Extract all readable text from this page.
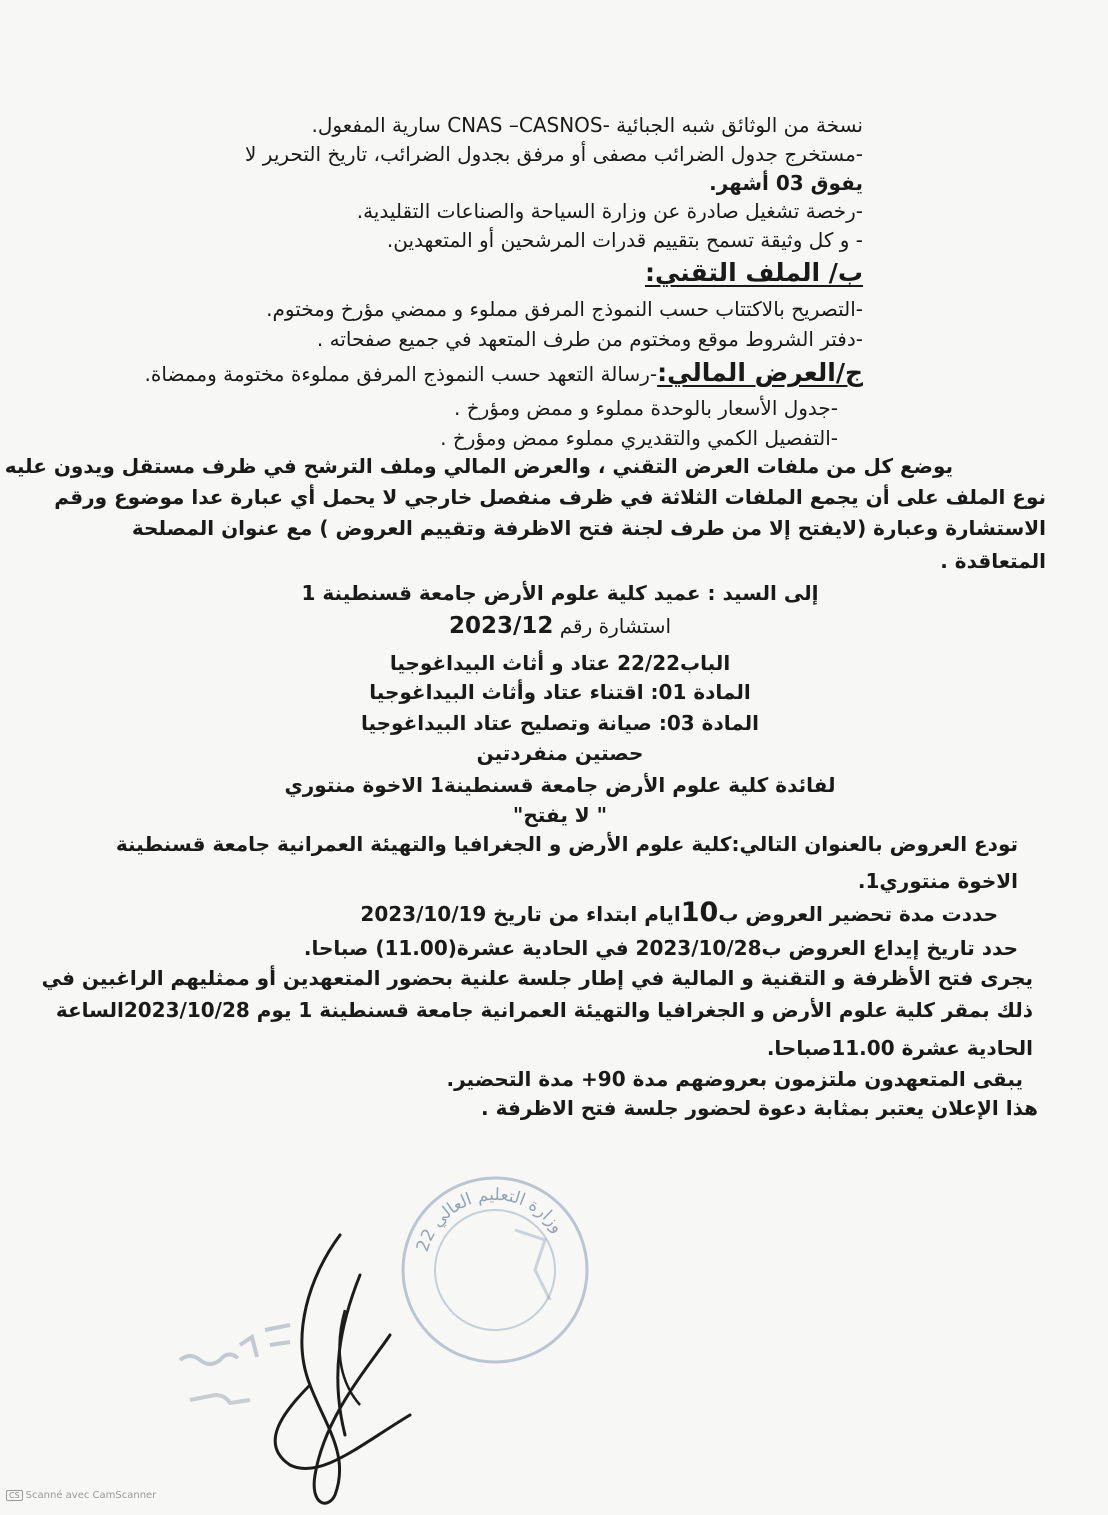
نسخة من الوثائق شبه الجبائية -CNAS –CASNOS سارية المفعول.

-مستخرج جدول الضرائب مصفى أو مرفق بجدول الضرائب، تاريخ التحرير لا

يفوق 03 أشهر.

-رخصة تشغيل صادرة عن وزارة السياحة والصناعات التقليدية.

- و كل وثيقة تسمح بتقييم قدرات المرشحين أو المتعهدين.

ب/ الملف التقني:

-التصريح بالاكتتاب حسب النموذج المرفق مملوء و ممضي مؤرخ ومختوم.

-دفتر الشروط موقع ومختوم من طرف المتعهد في جميع صفحاته .

ج/العرض المالي:-رسالة التعهد حسب النموذج المرفق مملوءة مختومة وممضاة.

-جدول الأسعار بالوحدة مملوء و ممض ومؤرخ .

-التفصيل الكمي والتقديري مملوء ممض ومؤرخ .

يوضع كل من ملفات العرض التقني ، والعرض المالي وملف الترشح في ظرف مستقل ويدون عليه

نوع الملف على أن يجمع الملفات الثلاثة في ظرف منفصل خارجي لا يحمل أي عبارة عدا موضوع ورقم

الاستشارة وعبارة (لايفتح إلا من طرف لجنة فتح الاظرفة وتقييم العروض ) مع عنوان المصلحة

المتعاقدة .

إلى السيد : عميد كلية علوم الأرض جامعة قسنطينة 1

استشارة رقم 2023/12

الباب22/22 عتاد و أثاث البيداغوجيا

المادة 01: اقتناء عتاد وأثاث البيداغوجيا

المادة 03: صيانة وتصليح عتاد البيداغوجيا

حصتين منفردتين

لفائدة كلية علوم الأرض جامعة قسنطينة1 الاخوة منتوري

" لا يفتح"

تودع العروض بالعنوان التالي:كلية علوم الأرض و الجغرافيا والتهيئة العمرانية جامعة قسنطينة

الاخوة منتوري1.

حددت مدة تحضير العروض ب10ايام ابتداء من تاريخ 2023/10/19

حدد تاريخ إيداع العروض ب2023/10/28 في الحادية عشرة(11.00) صباحا.

يجرى فتح الأظرفة و التقنية و المالية في إطار جلسة علنية بحضور المتعهدين أو ممثليهم الراغبين في

ذلك بمقر كلية علوم الأرض و الجغرافيا والتهيئة العمرانية جامعة قسنطينة 1 يوم 2023/10/28الساعة

الحادية عشرة 11.00صباحا.

يبقى المتعهدون ملتزمون بعروضهم مدة 90+ مدة التحضير.

هذا الإعلان يعتبر بمثابة دعوة لحضور جلسة فتح الاظرفة .

وزارة التعليم العالي 22
CS Scanné avec CamScanner
